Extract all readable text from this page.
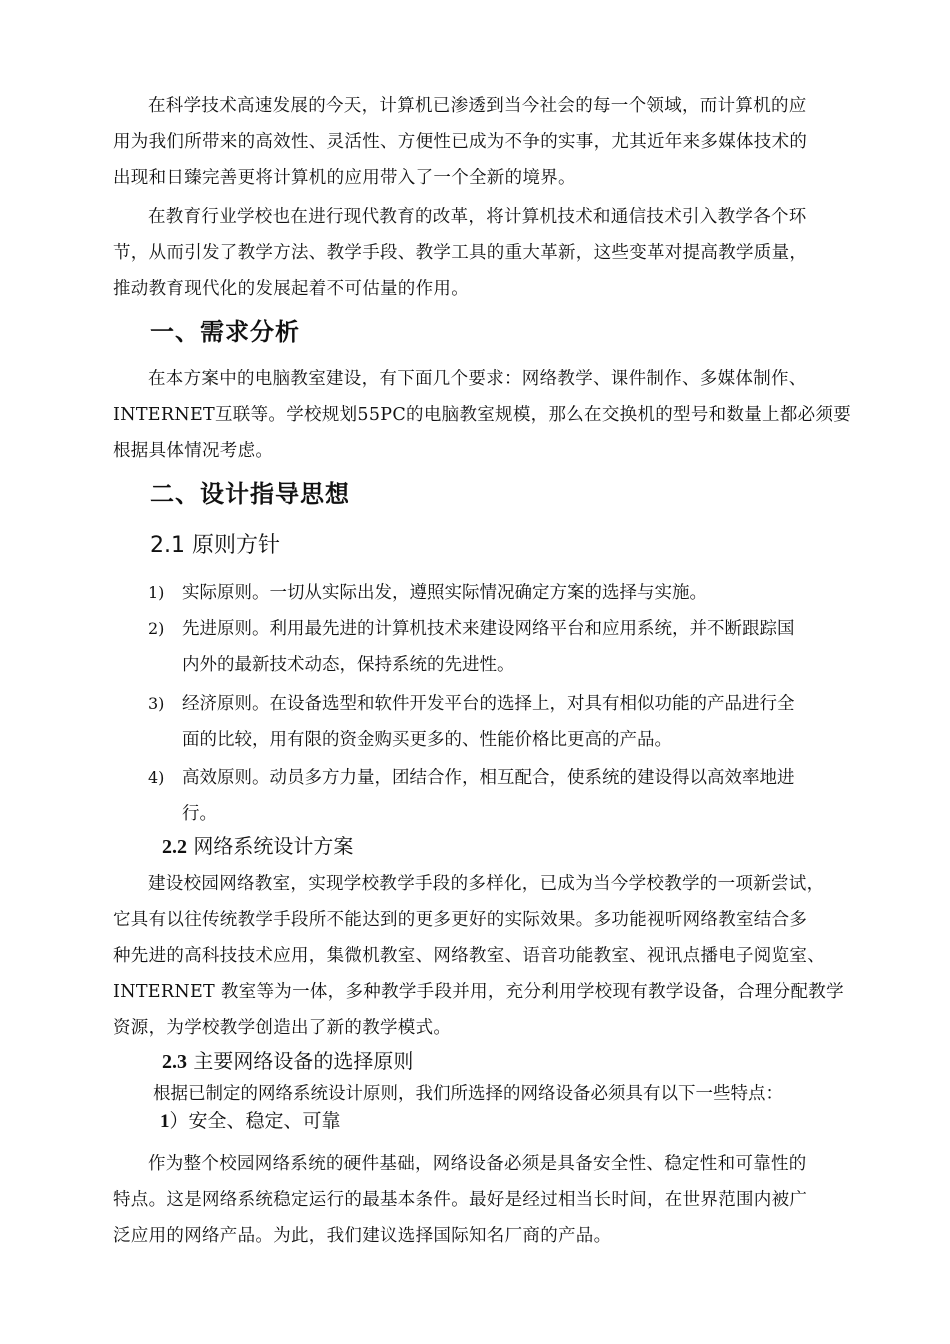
在科学技术高速发展的今天，计算机已渗透到当今社会的每一个领域，而计算机的应
用为我们所带来的高效性、灵活性、方便性已成为不争的实事，尤其近年来多媒体技术的
出现和日臻完善更将计算机的应用带入了一个全新的境界。
在教育行业学校也在进行现代教育的改革，将计算机技术和通信技术引入教学各个环
节，从而引发了教学方法、教学手段、教学工具的重大革新，这些变革对提高教学质量，
推动教育现代化的发展起着不可估量的作用。
一、需求分析
在本方案中的电脑教室建设，有下面几个要求：网络教学、课件制作、多媒体制作、
INTERNET互联等。学校规划55PC的电脑教室规模，那么在交换机的型号和数量上都必须要
根据具体情况考虑。
二、设计指导思想
2.1 原则方针
1)	实际原则。一切从实际出发，遵照实际情况确定方案的选择与实施。
2)	先进原则。利用最先进的计算机技术来建设网络平台和应用系统，并不断跟踪国
内外的最新技术动态，保持系统的先进性。
3)	经济原则。在设备选型和软件开发平台的选择上，对具有相似功能的产品进行全
面的比较，用有限的资金购买更多的、性能价格比更高的产品。
4)	高效原则。动员多方力量，团结合作，相互配合，使系统的建设得以高效率地进
行。
2.2 网络系统设计方案
建设校园网络教室，实现学校教学手段的多样化，已成为当今学校教学的一项新尝试，
它具有以往传统教学手段所不能达到的更多更好的实际效果。多功能视听网络教室结合多
种先进的高科技技术应用，集微机教室、网络教室、语音功能教室、视讯点播电子阅览室、
INTERNET 教室等为一体，多种教学手段并用，充分利用学校现有教学设备，合理分配教学
资源，为学校教学创造出了新的教学模式。
2.3 主要网络设备的选择原则
根据已制定的网络系统设计原则，我们所选择的网络设备必须具有以下一些特点：
1）安全、稳定、可靠
作为整个校园网络系统的硬件基础，网络设备必须是具备安全性、稳定性和可靠性的
特点。这是网络系统稳定运行的最基本条件。最好是经过相当长时间，在世界范围内被广
泛应用的网络产品。为此，我们建议选择国际知名厂商的产品。
